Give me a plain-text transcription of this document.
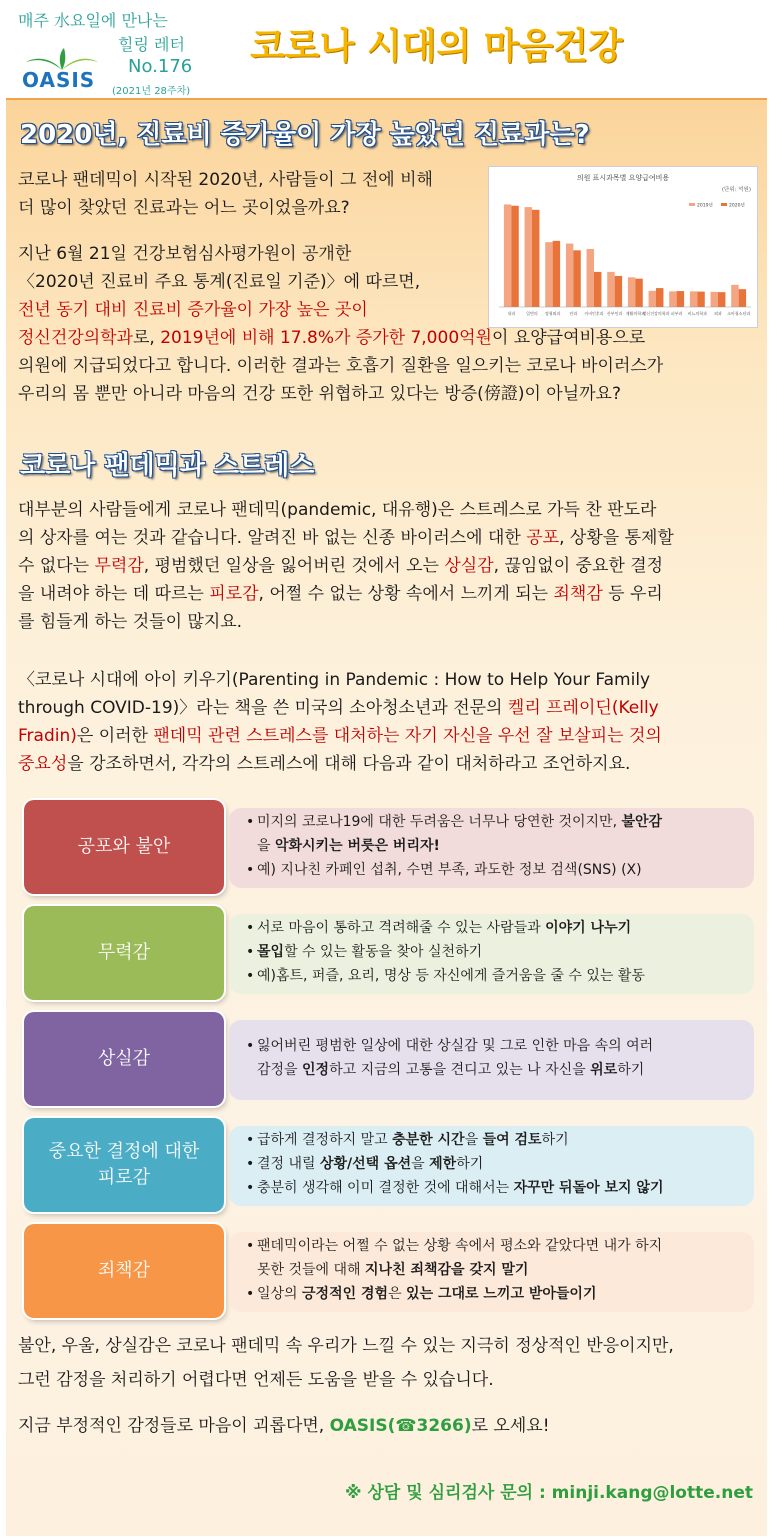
매주 水요일에 만나는
힐링 레터
No.176
(2021년 28주차)
OASIS
코로나 시대의 마음건강
2020년, 진료비 증가율이 가장 높았던 진료과는?
코로나 팬데믹이 시작된 2020년, 사람들이 그 전에 비해
더 많이 찾았던 진료과는 어느 곳이었을까요?
의원 표시과목별 요양급여비용
(단위: 억원)
2019년	2020년
내과	일반의 정형외과 안과 이비인후과 산부인과 재활의학과
정신건강의학과 피부과 비뇨의학과 외과 소아청소년과
지난 6월 21일 건강보험심사평가원이 공개한
〈2020년 진료비 주요 통계(진료일 기준)〉에 따르면,
전년 동기 대비 진료비 증가율이 가장 높은 곳이
정신건강의학과로, 2019년에 비해 17.8%가 증가한 7,000억원이 요양급여비용으로
의원에 지급되었다고 합니다. 이러한 결과는 호흡기 질환을 일으키는 코로나 바이러스가
우리의 몸 뿐만 아니라 마음의 건강 또한 위협하고 있다는 방증(傍證)이 아닐까요?
코로나 팬데믹과 스트레스
대부분의 사람들에게 코로나 팬데믹(pandemic, 대유행)은 스트레스로 가득 찬 판도라
의 상자를 여는 것과 같습니다. 알려진 바 없는 신종 바이러스에 대한 공포, 상황을 통제할
수 없다는 무력감, 평범했던 일상을 잃어버린 것에서 오는 상실감, 끊임없이 중요한 결정
을 내려야 하는 데 따르는 피로감, 어쩔 수 없는 상황 속에서 느끼게 되는 죄책감 등 우리
를 힘들게 하는 것들이 많지요.
〈코로나 시대에 아이 키우기(Parenting in Pandemic : How to Help Your Family
through COVID-19)〉라는 책을 쓴 미국의 소아청소년과 전문의 켈리 프레이딘(Kelly
Fradin)은 이러한 팬데믹 관련 스트레스를 대처하는 자기 자신을 우선 잘 보살피는 것의
중요성을 강조하면서, 각각의 스트레스에 대해 다음과 같이 대처하라고 조언하지요.
공포와 불안
• 미지의 코로나19에 대한 두려움은 너무나 당연한 것이지만, 불안감
을 악화시키는 버릇은 버리자!
• 예) 지나친 카페인 섭취, 수면 부족, 과도한 정보 검색(SNS) (X)
무력감
• 서로 마음이 통하고 격려해줄 수 있는 사람들과 이야기 나누기
• 몰입할 수 있는 활동을 찾아 실천하기
• 예)홈트, 퍼즐, 요리, 명상 등 자신에게 즐거움을 줄 수 있는 활동
상실감
• 잃어버린 평범한 일상에 대한 상실감 및 그로 인한 마음 속의 여러
감정을 인정하고 지금의 고통을 견디고 있는 나 자신을 위로하기
중요한 결정에 대한
피로감
• 급하게 결정하지 말고 충분한 시간을 들여 검토하기
• 결정 내릴 상황/선택 옵션을 제한하기
• 충분히 생각해 이미 결정한 것에 대해서는 자꾸만 뒤돌아 보지 않기
죄책감
• 팬데믹이라는 어쩔 수 없는 상황 속에서 평소와 같았다면 내가 하지
못한 것들에 대해 지나친 죄책감을 갖지 말기
• 일상의 긍정적인 경험은 있는 그대로 느끼고 받아들이기
불안, 우울, 상실감은 코로나 팬데믹 속 우리가 느낄 수 있는 지극히 정상적인 반응이지만,
그런 감정을 처리하기 어렵다면 언제든 도움을 받을 수 있습니다.
지금 부정적인 감정들로 마음이 괴롭다면, OASIS(☎3266)로 오세요!
※ 상담 및 심리검사 문의 : minji.kang@lotte.net
